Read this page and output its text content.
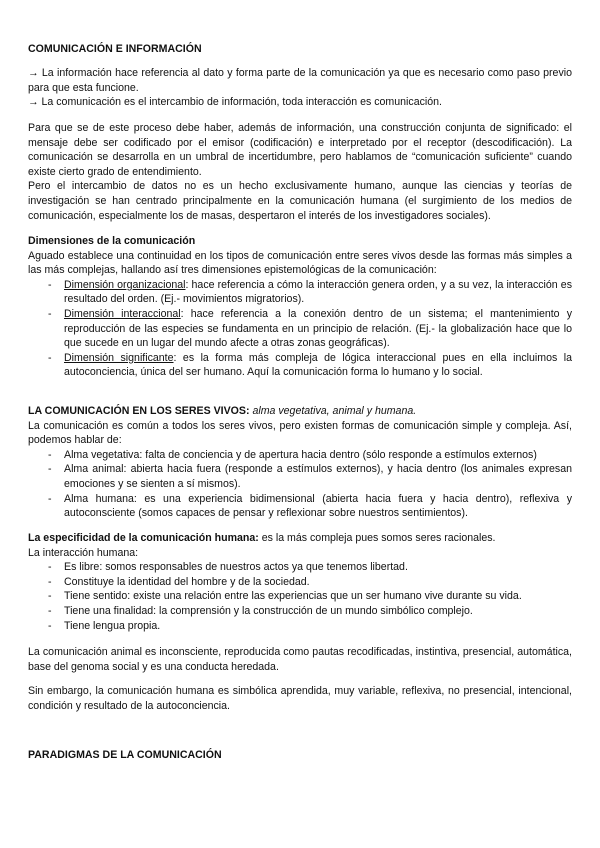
COMUNICACIÓN E INFORMACIÓN

→ La información hace referencia al dato y forma parte de la comunicación ya que es necesario como paso previo para que esta funcione.

→ La comunicación es el intercambio de información, toda interacción es comunicación.

Para que se de este proceso debe haber, además de información, una construcción conjunta de significado: el mensaje debe ser codificado por el emisor (codificación) e interpretado por el receptor (descodificación). La comunicación se desarrolla en un umbral de incertidumbre, pero hablamos de “comunicación suficiente” cuando existe cierto grado de entendimiento.

Pero el intercambio de datos no es un hecho exclusivamente humano, aunque las ciencias y teorías de investigación se han centrado principalmente en la comunicación humana (el surgimiento de los medios de comunicación, especialmente los de masas, despertaron el interés de los investigadores sociales).

Dimensiones de la comunicación

Aguado establece una continuidad en los tipos de comunicación entre seres vivos desde las formas más simples a las más complejas, hallando así tres dimensiones epistemológicas de la comunicación:

- Dimensión organizacional: hace referencia a cómo la interacción genera orden, y a su vez, la interacción es resultado del orden. (Ej.- movimientos migratorios).
- Dimensión interaccional: hace referencia a la conexión dentro de un sistema; el mantenimiento y reproducción de las especies se fundamenta en un principio de relación. (Ej.- la globalización hace que lo que sucede en un lugar del mundo afecte a otras zonas geográficas).
- Dimensión significante: es la forma más compleja de lógica interaccional pues en ella incluimos la autoconciencia, única del ser humano. Aquí la comunicación forma lo humano y lo social.
LA COMUNICACIÓN EN LOS SERES VIVOS: alma vegetativa, animal y humana.

La comunicación es común a todos los seres vivos, pero existen formas de comunicación simple y compleja. Así, podemos hablar de:

- Alma vegetativa: falta de conciencia y de apertura hacia dentro (sólo responde a estímulos externos)
- Alma animal: abierta hacia fuera (responde a estímulos externos), y hacia dentro (los animales expresan emociones y se sienten a sí mismos).
- Alma humana: es una experiencia bidimensional (abierta hacia fuera y hacia dentro), reflexiva y autoconsciente (somos capaces de pensar y reflexionar sobre nuestros sentimientos).

La especificidad de la comunicación humana: es la más compleja pues somos seres racionales.

La interacción humana:

- Es libre: somos responsables de nuestros actos ya que tenemos libertad.
- Constituye la identidad del hombre y de la sociedad.
- Tiene sentido: existe una relación entre las experiencias que un ser humano vive durante su vida.
- Tiene una finalidad: la comprensión y la construcción de un mundo simbólico complejo.
- Tiene lengua propia.

La comunicación animal es inconsciente, reproducida como pautas recodificadas, instintiva, presencial, automática, base del genoma social y es una conducta heredada.

Sin embargo, la comunicación humana es simbólica aprendida, muy variable, reflexiva, no presencial, intencional, condición y resultado de la autoconciencia.

PARADIGMAS DE LA COMUNICACIÓN
